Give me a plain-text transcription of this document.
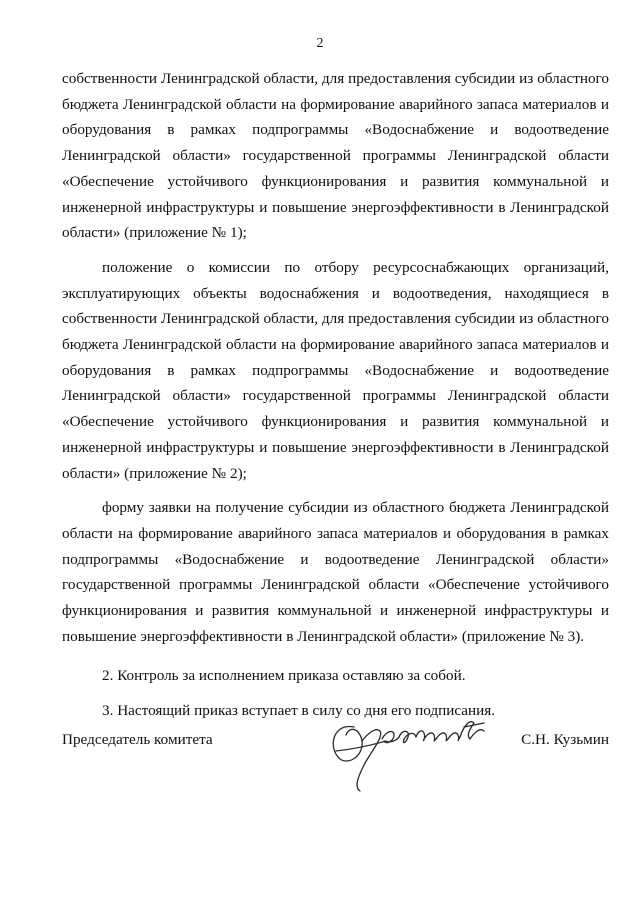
2

собственности Ленинградской области, для предоставления субсидии из областного бюджета Ленинградской области на формирование аварийного запаса материалов и оборудования в рамках подпрограммы «Водоснабжение и водоотведение Ленинградской области» государственной программы Ленинградской области «Обеспечение устойчивого функционирования и развития коммунальной и инженерной инфраструктуры и повышение энергоэффективности в Ленинградской области» (приложение № 1);

положение о комиссии по отбору ресурсоснабжающих организаций, эксплуатирующих объекты водоснабжения и водоотведения, находящиеся в собственности Ленинградской области, для предоставления субсидии из областного бюджета Ленинградской области на формирование аварийного запаса материалов и оборудования в рамках подпрограммы «Водоснабжение и водоотведение Ленинградской области» государственной программы Ленинградской области «Обеспечение устойчивого функционирования и развития коммунальной и инженерной инфраструктуры и повышение энергоэффективности в Ленинградской области» (приложение № 2);

форму заявки на получение субсидии из областного бюджета Ленинградской области на формирование аварийного запаса материалов и оборудования в рамках подпрограммы «Водоснабжение и водоотведение Ленинградской области» государственной программы Ленинградской области «Обеспечение устойчивого функционирования и развития коммунальной и инженерной инфраструктуры и повышение энергоэффективности в Ленинградской области» (приложение № 3).

2. Контроль за исполнением приказа оставляю за собой.

3. Настоящий приказ вступает в силу со дня его подписания.

Председатель комитета	С.Н. Кузьмин
